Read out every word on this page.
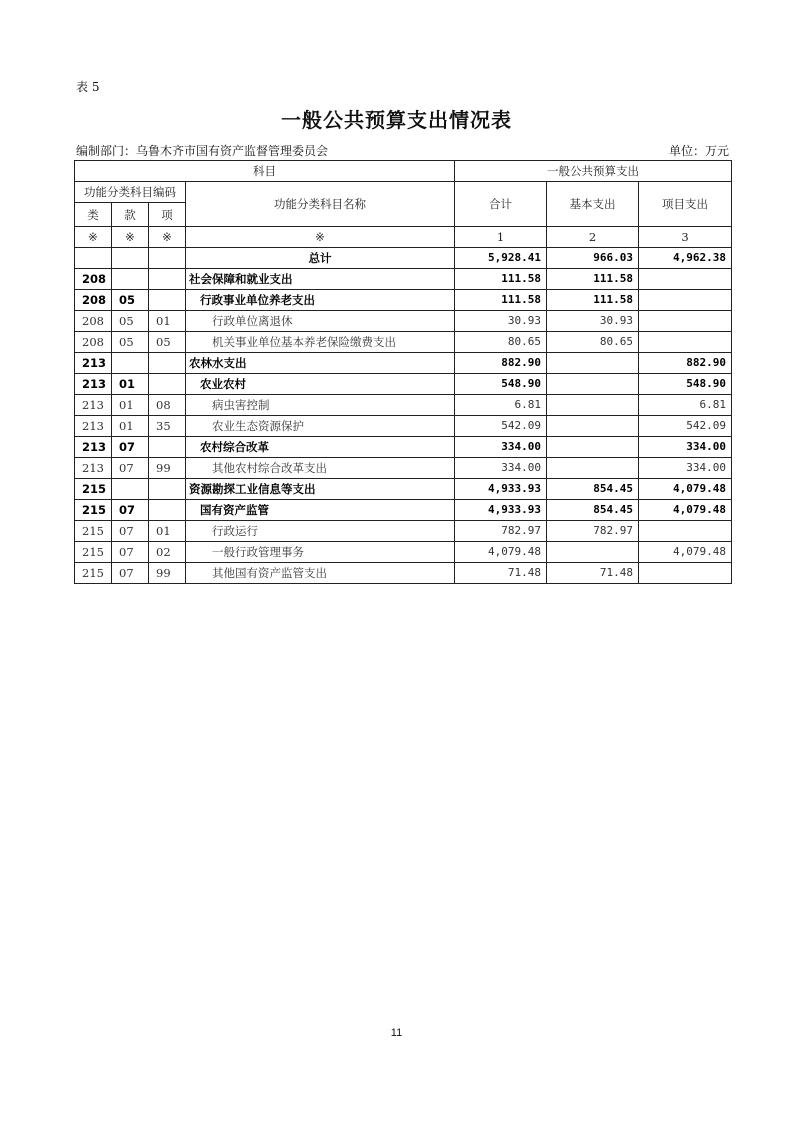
表 5
一般公共预算支出情况表
编制部门：乌鲁木齐市国有资产监督管理委员会	单位：万元
科目				一般公共预算支出		
功能分类科目编码			功能分类科目名称	合计	基本支出	项目支出
类	款	项				
※	※	※	※	1	2	3
			总计	5,928.41	966.03	4,962.38
208			社会保障和就业支出	111.58	111.58	
208	05		行政事业单位养老支出	111.58	111.58	
208	05	01	行政单位离退休	30.93	30.93	
208	05	05	机关事业单位基本养老保险缴费支出	80.65	80.65	
213			农林水支出	882.90		882.90
213	01		农业农村	548.90		548.90
213	01	08	病虫害控制	6.81		6.81
213	01	35	农业生态资源保护	542.09		542.09
213	07		农村综合改革	334.00		334.00
213	07	99	其他农村综合改革支出	334.00		334.00
215			资源勘探工业信息等支出	4,933.93	854.45	4,079.48
215	07		国有资产监管	4,933.93	854.45	4,079.48
215	07	01	行政运行	782.97	782.97	
215	07	02	一般行政管理事务	4,079.48		4,079.48
215	07	99	其他国有资产监管支出	71.48	71.48	
11
